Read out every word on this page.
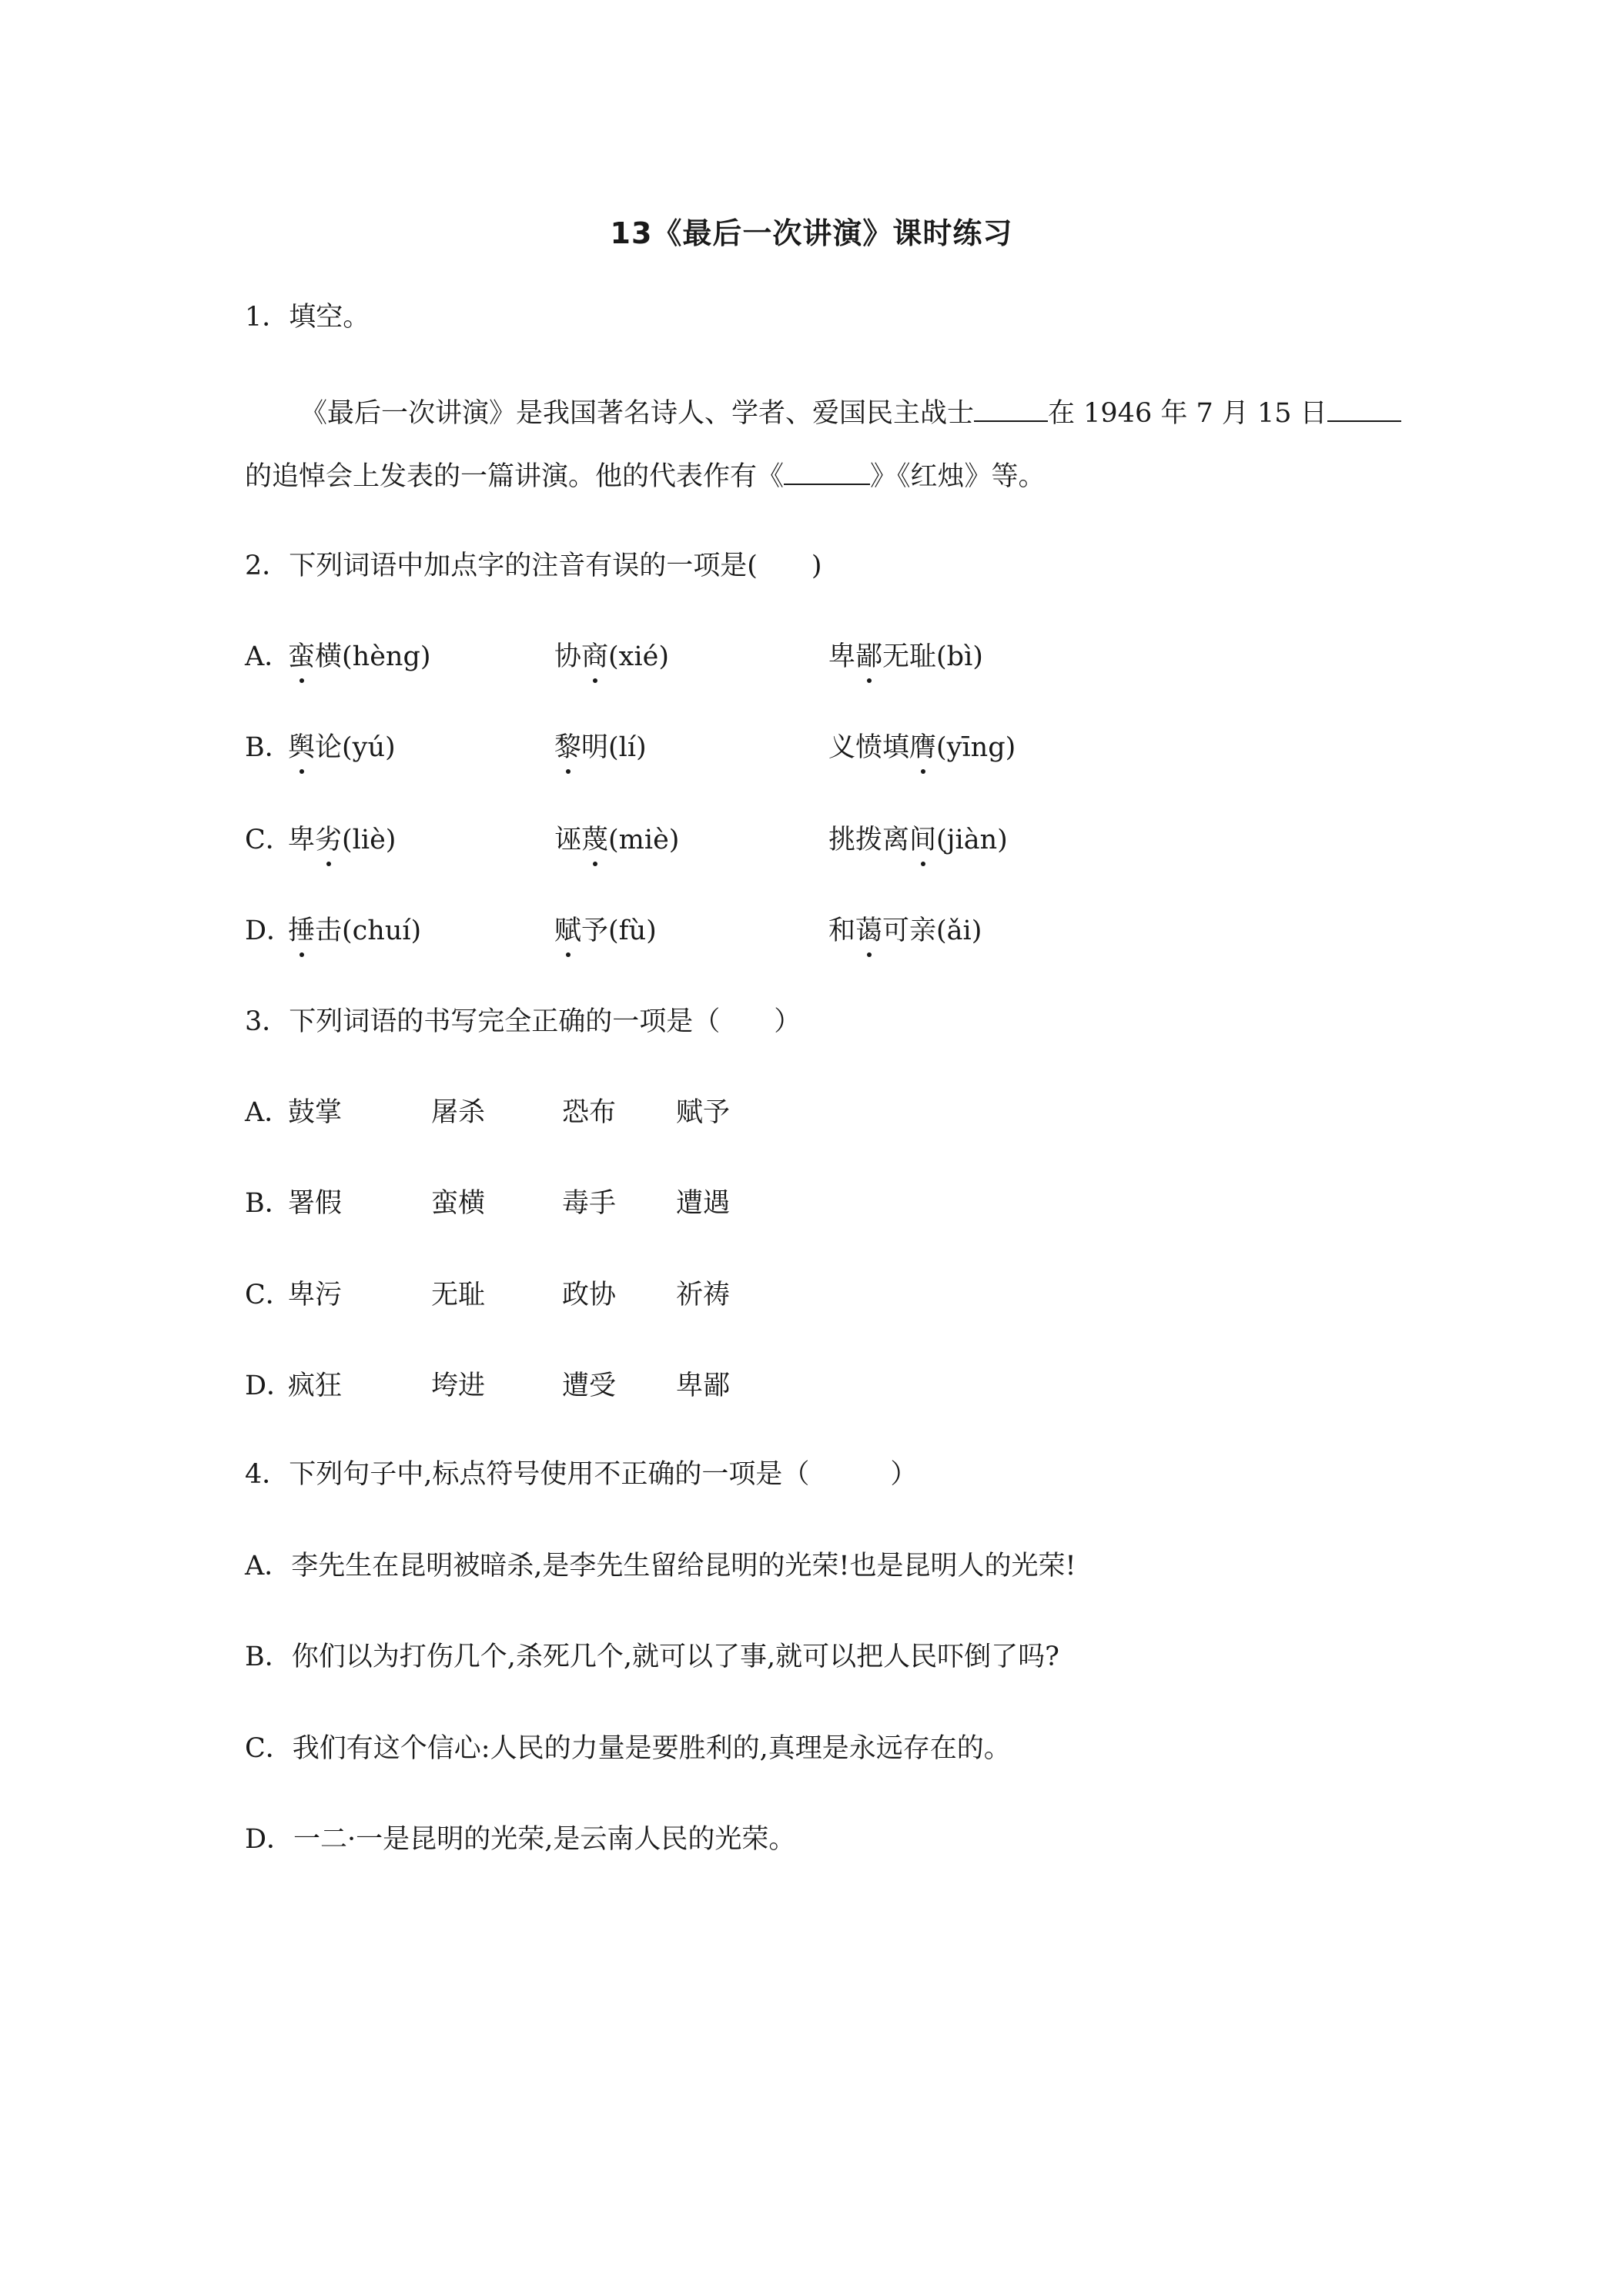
13《最后一次讲演》课时练习
1．填空。
《最后一次讲演》是我国著名诗人、学者、爱国民主战士	在 1946 年 7 月 15 日
的追悼会上发表的一篇讲演。他的代表作有《	》《红烛》等。
2．下列词语中加点字的注音有误的一项是(　　)
A．
蛮横(hèng)	协商(xié)	卑鄙无耻(bì)
B．
舆论(yú)	黎明(lí)	义愤填膺(yīng)
C．
卑劣(liè)	诬蔑(miè)	挑拨离间(jiàn)
D．
捶击(chuí)	赋予(fù)	和蔼可亲(ǎi)
3．下列词语的书写完全正确的一项是（　　）
A．
鼓掌	屠杀	恐布 赋予
B．
署假	蛮横	毒手 遭遇
C．
卑污	无耻	政协 祈祷
D．
疯狂	垮进	遭受 卑鄙
4．下列句子中,标点符号使用不正确的一项是（　　　）
A．李先生在昆明被暗杀,是李先生留给昆明的光荣!也是昆明人的光荣!
B．你们以为打伤几个,杀死几个,就可以了事,就可以把人民吓倒了吗?
C．我们有这个信心:人民的力量是要胜利的,真理是永远存在的。
D．一二·一是昆明的光荣,是云南人民的光荣。
